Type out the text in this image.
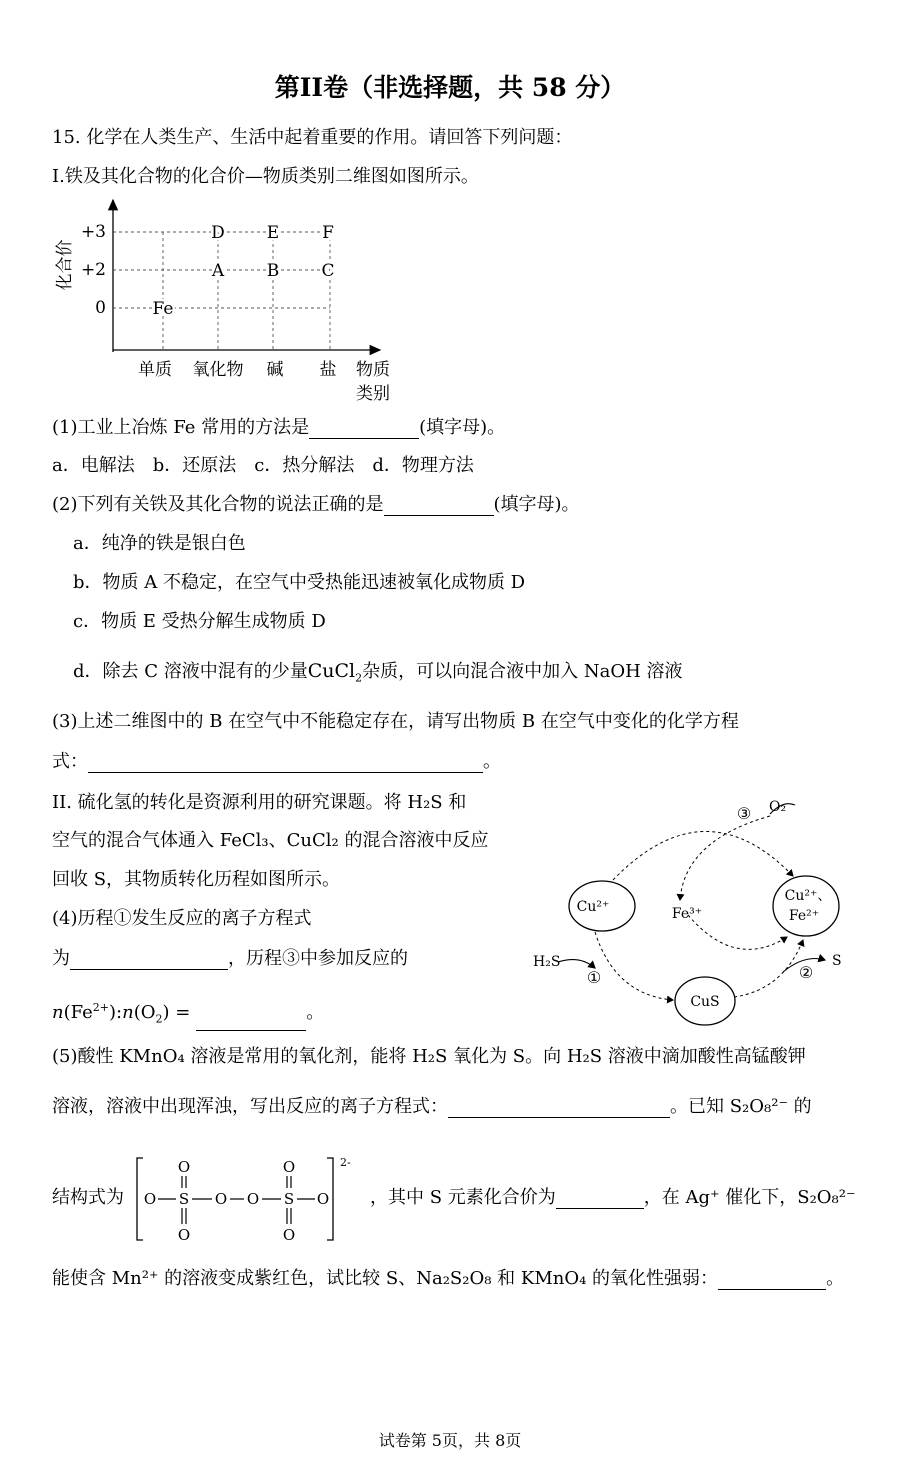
第II卷（非选择题，共 58 分）
15. 化学在人类生产、生活中起着重要的作用。请回答下列问题：
I.铁及其化合物的化合价—物质类别二维图如图所示。
化合价
+3
+2
0
单质 氧化物 碱 盐 物质
类别
Fe
A	B C
D E	F
(1)工业上冶炼 Fe 常用的方法是	(填字母)。
a．电解法　b．还原法　c．热分解法　d．物理方法
(2)下列有关铁及其化合物的说法正确的是	(填字母)。
a．纯净的铁是银白色
b．物质 A 不稳定，在空气中受热能迅速被氧化成物质 D
c．物质 E 受热分解生成物质 D
d．除去 C 溶液中混有的少量CuCl$_2$杂质，可以向混合液中加入 NaOH 溶液
(3)上述二维图中的 B 在空气中不能稳定存在，请写出物质 B 在空气中变化的化学方程
式：	。
II. 硫化氢的转化是资源利用的研究课题。将 H₂S 和
空气的混合气体通入 FeCl₃、CuCl₂ 的混合溶液中反应
回收 S，其物质转化历程如图所示。
(4)历程①发生反应的离子方程式
为	，历程③中参加反应的
$n(Fe^{2+}):n(O_2)$ =	。
Cu²⁺	Fe³⁺
Cu²⁺、
Fe²⁺
CuS
H₂S	S
O₂
①	②
③
(5)酸性 KMnO₄ 溶液是常用的氧化剂，能将 H₂S 氧化为 S。向 H₂S 溶液中滴加酸性高锰酸钾
溶液，溶液中出现浑浊，写出反应的离子方程式：	。已知 S₂O₈²⁻ 的
结构式为
2-
O S O O S O
O
O
O
O
，其中 S 元素化合价为	，在 Ag⁺ 催化下，S₂O₈²⁻
能使含 Mn²⁺ 的溶液变成紫红色，试比较 S、Na₂S₂O₈ 和 KMnO₄ 的氧化性强弱：	。
试卷第 5页，共 8页
